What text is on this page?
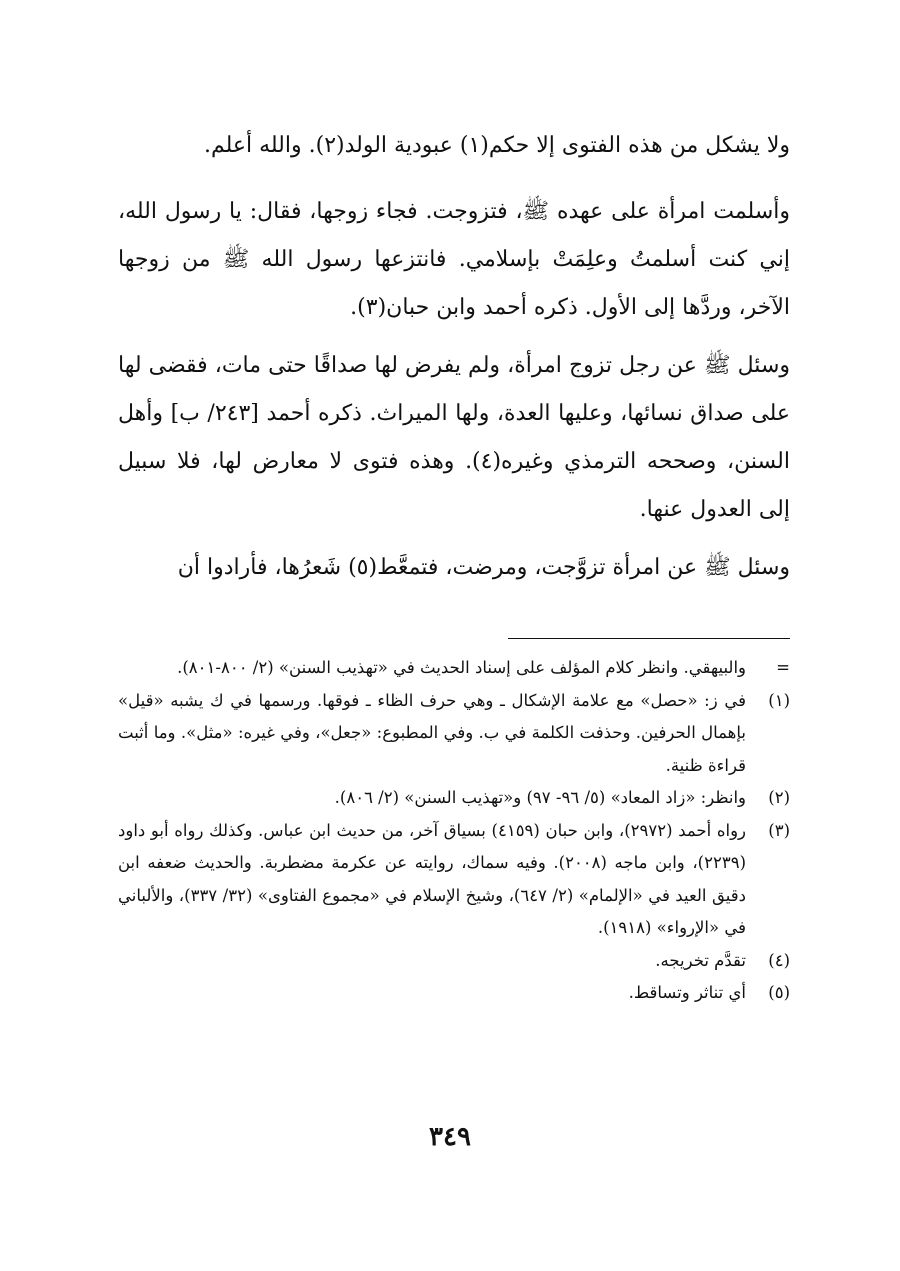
ولا يشكل من هذه الفتوى إلا حكم(١) عبودية الولد(٢). والله أعلم.

وأسلمت امرأة على عهده ﷺ، فتزوجت. فجاء زوجها، فقال: يا رسول الله، إني كنت أسلمتُ وعلِمَتْ بإسلامي. فانتزعها رسول الله ﷺ من زوجها الآخر، وردَّها إلى الأول. ذكره أحمد وابن حبان(٣).

وسئل ﷺ عن رجل تزوج امرأة، ولم يفرض لها صداقًا حتى مات، فقضى لها على صداق نسائها، وعليها العدة، ولها الميراث. ذكره أحمد [٢٤٣/ ب] وأهل السنن، وصححه الترمذي وغيره(٤). وهذه فتوى لا معارض لها، فلا سبيل إلى العدول عنها.

وسئل ﷺ عن امرأة تزوَّجت، ومرضت، فتمعَّط(٥) شَعرُها، فأرادوا أن

=
والبيهقي. وانظر كلام المؤلف على إسناد الحديث في «تهذيب السنن» (٢/ ٨٠٠-٨٠١).

(١)
في ز: «حصل» مع علامة الإشكال ـ وهي حرف الظاء ـ فوقها. ورسمها في ك يشبه «قيل» بإهمال الحرفين. وحذفت الكلمة في ب. وفي المطبوع: «جعل»، وفي غيره: «مثل». وما أثبت قراءة ظنية.

(٢)
وانظر: «زاد المعاد» (٥/ ٩٦- ٩٧) و«تهذيب السنن» (٢/ ٨٠٦).

(٣)
رواه أحمد (٢٩٧٢)، وابن حبان (٤١٥٩) بسياق آخر، من حديث ابن عباس. وكذلك رواه أبو داود (٢٢٣٩)، وابن ماجه (٢٠٠٨). وفيه سماك، روايته عن عكرمة مضطربة. والحديث ضعفه ابن دقيق العيد في «الإلمام» (٢/ ٦٤٧)، وشيخ الإسلام في «مجموع الفتاوى» (٣٢/ ٣٣٧)، والألباني في «الإرواء» (١٩١٨).

(٤)
تقدَّم تخريجه.

(٥)
أي تناثر وتساقط.

٣٤٩
